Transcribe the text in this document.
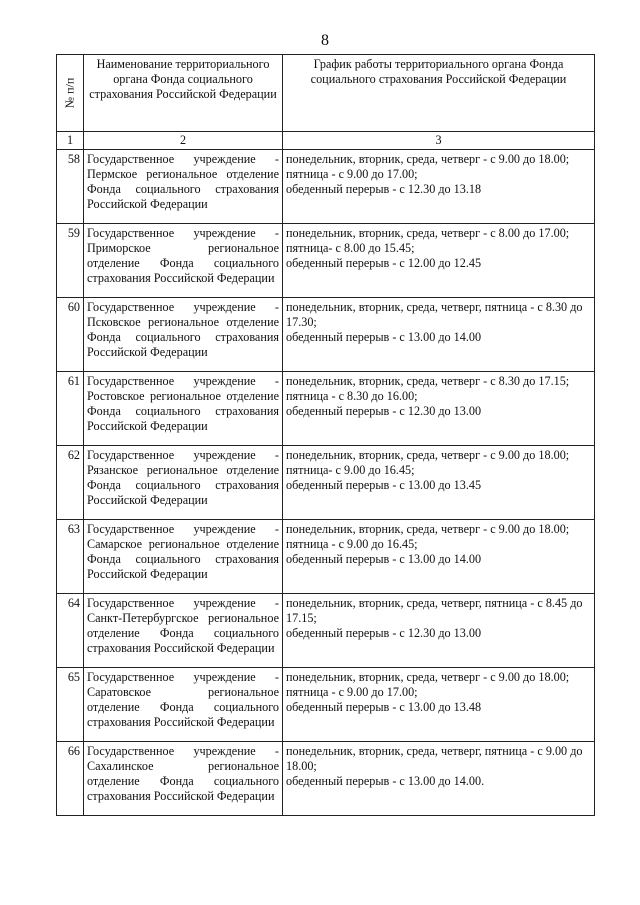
8
№ п/п	Наименование территориального органа Фонда социального страхования Российской Федерации	График работы территориального органа Фонда социального страхования Российской Федерации
1	2	3
58	Государственное учреждение - Пермское региональное отделение Фонда социального страхования Российской Федерации	понедельник, вторник, среда, четверг - с 9.00 до 18.00;
пятница - с 9.00 до 17.00;
обеденный перерыв - с 12.30 до 13.18

59	Государственное учреждение - Приморское региональное отделение Фонда социального страхования Российской Федерации	понедельник, вторник, среда, четверг - с 8.00 до 17.00;
пятница- с 8.00 до 15.45;
обеденный перерыв - с 12.00 до 12.45

60	Государственное учреждение - Псковское региональное отделение Фонда социального страхования Российской Федерации	понедельник, вторник, среда, четверг, пятница - с 8.30 до 17.30;
обеденный перерыв - с 13.00 до 14.00

61	Государственное учреждение - Ростовское региональное отделение Фонда социального страхования Российской Федерации	понедельник, вторник, среда, четверг - с 8.30 до 17.15;
пятница - с 8.30 до 16.00;
обеденный перерыв - с 12.30 до 13.00

62	Государственное учреждение - Рязанское региональное отделение Фонда социального страхования Российской Федерации	понедельник, вторник, среда, четверг - с 9.00 до 18.00;
пятница- с 9.00 до 16.45;
обеденный перерыв - с 13.00 до 13.45

63	Государственное учреждение - Самарское региональное отделение Фонда социального страхования Российской Федерации	понедельник, вторник, среда, четверг - с 9.00 до 18.00;
пятница - с 9.00 до 16.45;
обеденный перерыв - с 13.00 до 14.00

64	Государственное учреждение - Санкт-Петербургское региональное отделение Фонда социального страхования Российской Федерации	понедельник, вторник, среда, четверг, пятница - с 8.45 до 17.15;
обеденный перерыв - с 12.30 до 13.00

65	Государственное учреждение - Саратовское региональное отделение Фонда социального страхования Российской Федерации	понедельник, вторник, среда, четверг - с 9.00 до 18.00;
пятница - с 9.00 до 17.00;
обеденный перерыв - с 13.00 до 13.48

66	Государственное учреждение - Сахалинское региональное отделение Фонда социального страхования Российской Федерации	понедельник, вторник, среда, четверг, пятница - с 9.00 до 18.00;
обеденный перерыв - с 13.00 до 14.00.
